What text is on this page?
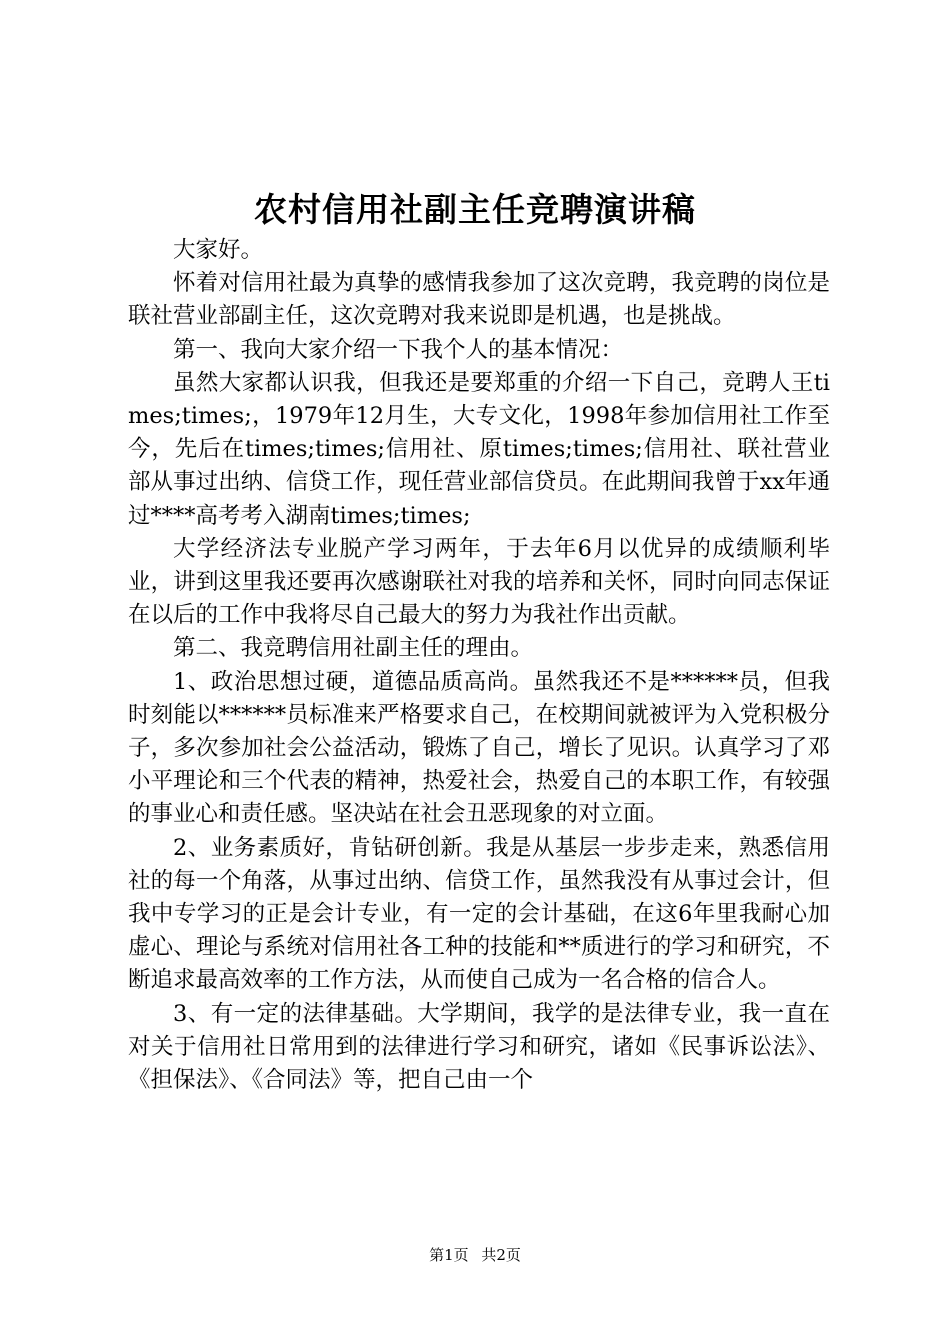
农村信用社副主任竞聘演讲稿

大家好。

怀着对信用社最为真挚的感情我参加了这次竞聘，我竞聘的岗位是联社营业部副主任，这次竞聘对我来说即是机遇，也是挑战。

第一、我向大家介绍一下我个人的基本情况：

虽然大家都认识我，但我还是要郑重的介绍一下自己，竞聘人王times;times;，1979年12月生，大专文化，1998年参加信用社工作至今，先后在times;times;信用社、原times;times;信用社、联社营业部从事过出纳、信贷工作，现任营业部信贷员。在此期间我曾于xx年通过****高考考入湖南times;times;

大学经济法专业脱产学习两年，于去年6月以优异的成绩顺利毕业，讲到这里我还要再次感谢联社对我的培养和关怀，同时向同志保证在以后的工作中我将尽自己最大的努力为我社作出贡献。

第二、我竞聘信用社副主任的理由。

1、政治思想过硬，道德品质高尚。虽然我还不是******员，但我时刻能以******员标准来严格要求自己，在校期间就被评为入党积极分子，多次参加社会公益活动，锻炼了自己，增长了见识。认真学习了邓小平理论和三个代表的精神，热爱社会，热爱自己的本职工作，有较强的事业心和责任感。坚决站在社会丑恶现象的对立面。

2、业务素质好，肯钻研创新。我是从基层一步步走来，熟悉信用社的每一个角落，从事过出纳、信贷工作，虽然我没有从事过会计，但我中专学习的正是会计专业，有一定的会计基础，在这6年里我耐心加虚心、理论与系统对信用社各工种的技能和**质进行的学习和研究，不断追求最高效率的工作方法，从而使自己成为一名合格的信合人。

3、有一定的法律基础。大学期间，我学的是法律专业，我一直在对关于信用社日常用到的法律进行学习和研究，诸如《民事诉讼法》、《担保法》、《合同法》等，把自己由一个

第1页 共2页
